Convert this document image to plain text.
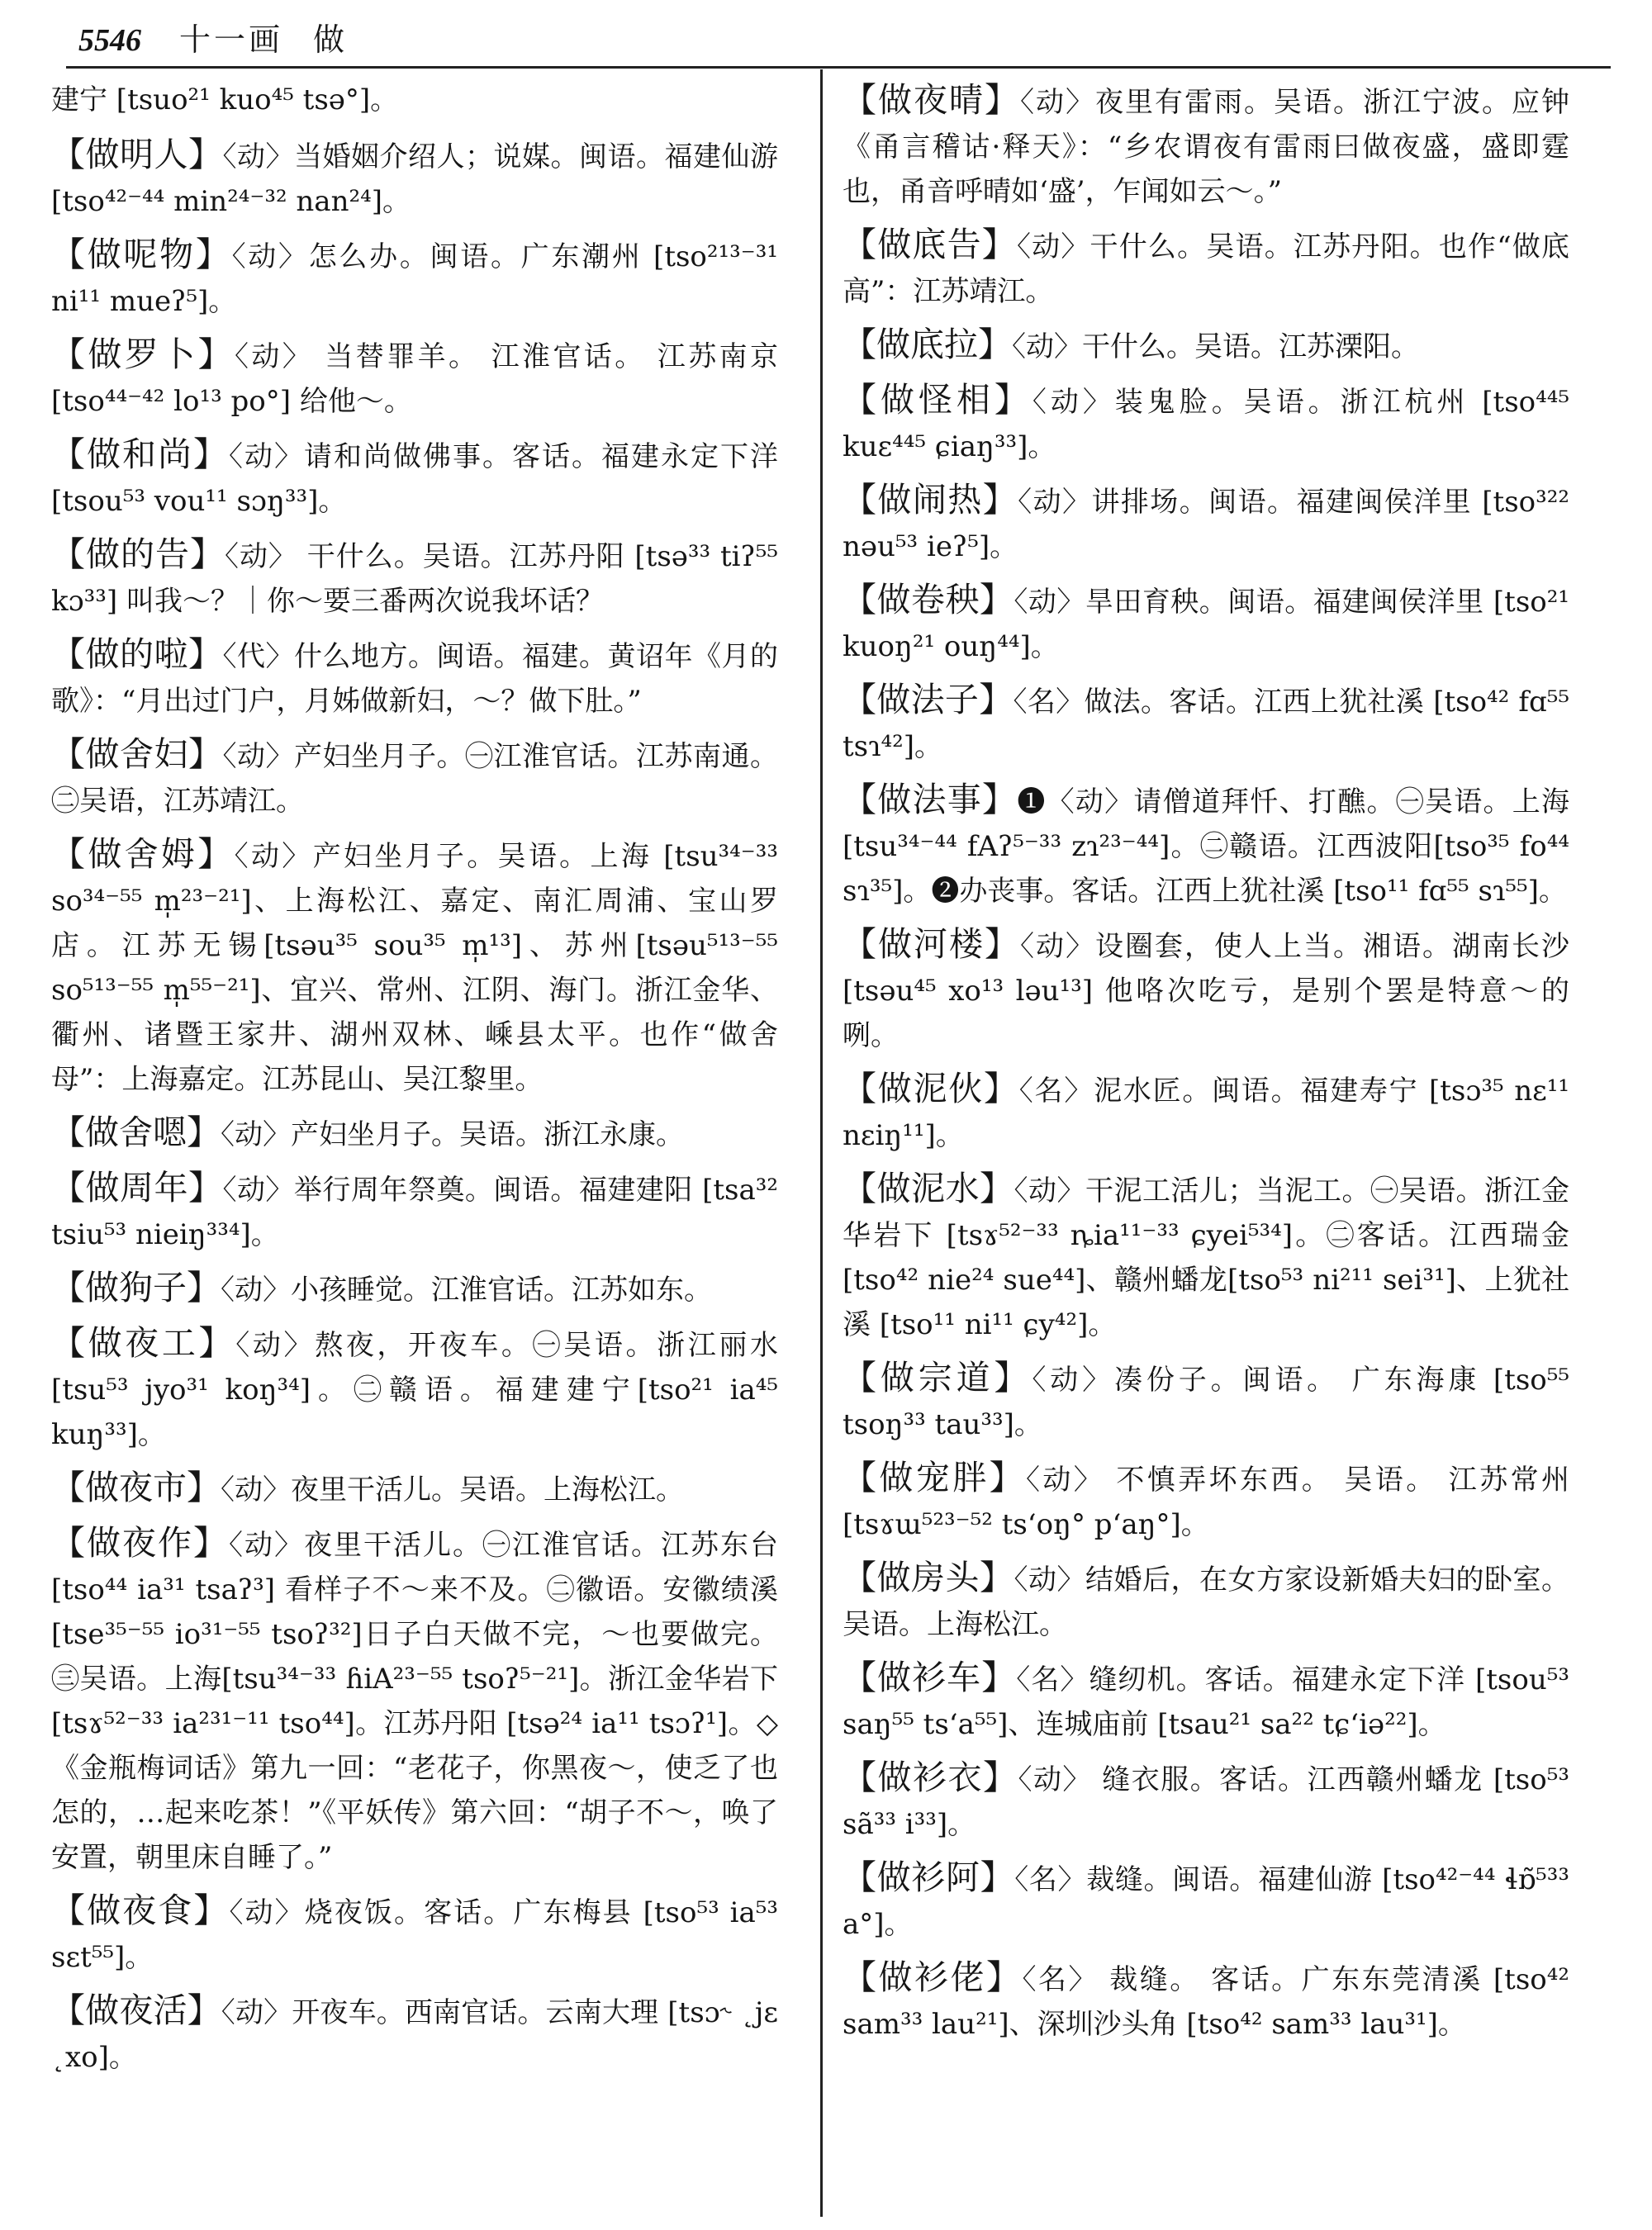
5546 十一画 做
建宁 [tsuo²¹ kuo⁴⁵ tsə°]。
【做明人】〈动〉当婚姻介绍人；说媒。闽语。福建仙游 [tso⁴²⁻⁴⁴ min²⁴⁻³² nan²⁴]。
【做呢物】〈动〉怎么办。闽语。广东潮州 [tso²¹³⁻³¹ ni¹¹ mueʔ⁵]。
【做罗卜】〈动〉 当替罪羊。 江淮官话。 江苏南京 [tso⁴⁴⁻⁴² lo¹³ po°] 给他～。
【做和尚】〈动〉请和尚做佛事。客话。福建永定下洋 [tsou⁵³ vou¹¹ sɔŋ³³]。
【做的告】〈动〉 干什么。吴语。江苏丹阳 [tsə³³ tiʔ⁵⁵ kɔ³³] 叫我～？｜你～要三番两次说我坏话？
【做的啦】〈代〉什么地方。闽语。福建。黄诏年《月的歌》：“月出过门户，月姊做新妇，～？做下肚。”
【做舍妇】〈动〉产妇坐月子。㊀江淮官话。江苏南通。㊁吴语，江苏靖江。
【做舍姆】〈动〉产妇坐月子。吴语。上海 [tsu³⁴⁻³³ so³⁴⁻⁵⁵ m̩²³⁻²¹]、上海松江、嘉定、南汇周浦、宝山罗店。江苏无锡[tsəu³⁵ sou³⁵ m̩¹³]、苏州[tsəu⁵¹³⁻⁵⁵ so⁵¹³⁻⁵⁵ m̩⁵⁵⁻²¹]、宜兴、常州、江阴、海门。浙江金华、衢州、诸暨王家井、湖州双林、嵊县太平。也作“做舍母”：上海嘉定。江苏昆山、吴江黎里。
【做舍嗯】〈动〉产妇坐月子。吴语。浙江永康。
【做周年】〈动〉举行周年祭奠。闽语。福建建阳 [tsa³² tsiu⁵³ nieiŋ³³⁴]。
【做狗子】〈动〉小孩睡觉。江淮官话。江苏如东。
【做夜工】〈动〉熬夜，开夜车。㊀吴语。浙江丽水 [tsu⁵³ jyo³¹ koŋ³⁴]。㊁赣语。福建建宁[tso²¹ ia⁴⁵ kuŋ³³]。
【做夜市】〈动〉夜里干活儿。吴语。上海松江。
【做夜作】〈动〉夜里干活儿。㊀江淮官话。江苏东台 [tso⁴⁴ ia³¹ tsaʔ³] 看样子不～来不及。㊁徽语。安徽绩溪 [tse³⁵⁻⁵⁵ io³¹⁻⁵⁵ tsoʔ³²]日子白天做不完，～也要做完。㊂吴语。上海[tsu³⁴⁻³³ ɦiA²³⁻⁵⁵ tsoʔ⁵⁻²¹]。浙江金华岩下 [tsɤ⁵²⁻³³ ia²³¹⁻¹¹ tso⁴⁴]。江苏丹阳 [tsə²⁴ ia¹¹ tsɔʔ¹]。◇《金瓶梅词话》第九一回：“老花子，你黑夜～，使乏了也怎的，…起来吃茶！”《平妖传》第六回：“胡子不～，唤了安置，朝里床自睡了。”
【做夜食】〈动〉烧夜饭。客话。广东梅县 [tso⁵³ ia⁵³ sɛt⁵⁵]。
【做夜活】〈动〉开夜车。西南官话。云南大理 [tsɔ˞ ˛jɛ ˛xo]。
【做夜晴】〈动〉夜里有雷雨。吴语。浙江宁波。应钟《甬言稽诂·释天》：“乡农谓夜有雷雨曰做夜盛，盛即霆也，甬音呼晴如‘盛’，乍闻如云～。”
【做底告】〈动〉干什么。吴语。江苏丹阳。也作“做底高”：江苏靖江。
【做底拉】〈动〉干什么。吴语。江苏溧阳。
【做怪相】〈动〉装鬼脸。吴语。浙江杭州 [tso⁴⁴⁵ kuɛ⁴⁴⁵ ɕiaŋ³³]。
【做闹热】〈动〉讲排场。闽语。福建闽侯洋里 [tso³²² nəu⁵³ ieʔ⁵]。
【做卷秧】〈动〉旱田育秧。闽语。福建闽侯洋里 [tso²¹ kuoŋ²¹ ouŋ⁴⁴]。
【做法子】〈名〉做法。客话。江西上犹社溪 [tso⁴² fɑ⁵⁵ tsɿ⁴²]。
【做法事】❶〈动〉请僧道拜忏、打醮。㊀吴语。上海[tsu³⁴⁻⁴⁴ fAʔ⁵⁻³³ zɿ²³⁻⁴⁴]。㊁赣语。江西波阳[tso³⁵ fo⁴⁴ sɿ³⁵]。❷办丧事。客话。江西上犹社溪 [tso¹¹ fɑ⁵⁵ sɿ⁵⁵]。
【做河楼】〈动〉设圈套，使人上当。湘语。湖南长沙 [tsəu⁴⁵ xo¹³ ləu¹³] 他咯次吃亏，是别个罢是特意～的咧。
【做泥伙】〈名〉泥水匠。闽语。福建寿宁 [tsɔ³⁵ nɛ¹¹ nɛiŋ¹¹]。
【做泥水】〈动〉干泥工活儿；当泥工。㊀吴语。浙江金华岩下 [tsɤ⁵²⁻³³ ȵia¹¹⁻³³ ɕyei⁵³⁴]。㊁客话。江西瑞金 [tso⁴² nie²⁴ sue⁴⁴]、赣州蟠龙[tso⁵³ ni²¹¹ sei³¹]、上犹社溪 [tso¹¹ ni¹¹ ɕy⁴²]。
【做宗道】〈动〉凑份子。闽语。 广东海康 [tso⁵⁵ tsoŋ³³ tau³³]。
【做宠胖】〈动〉 不慎弄坏东西。 吴语。 江苏常州 [tsɤɯ⁵²³⁻⁵² ts‘oŋ° p‘aŋ°]。
【做房头】〈动〉结婚后，在女方家设新婚夫妇的卧室。吴语。上海松江。
【做衫车】〈名〉缝纫机。客话。福建永定下洋 [tsou⁵³ saŋ⁵⁵ ts‘a⁵⁵]、连城庙前 [tsau²¹ sa²² tɕ‘iə²²]。
【做衫衣】〈动〉 缝衣服。客话。江西赣州蟠龙 [tso⁵³ sã³³ i³³]。
【做衫阿】〈名〉裁缝。闽语。福建仙游 [tso⁴²⁻⁴⁴ ɬɒ̃⁵³³ a°]。
【做衫佬】〈名〉 裁缝。 客话。广东东莞清溪 [tso⁴² sam³³ lau²¹]、深圳沙头角 [tso⁴² sam³³ lau³¹]。
